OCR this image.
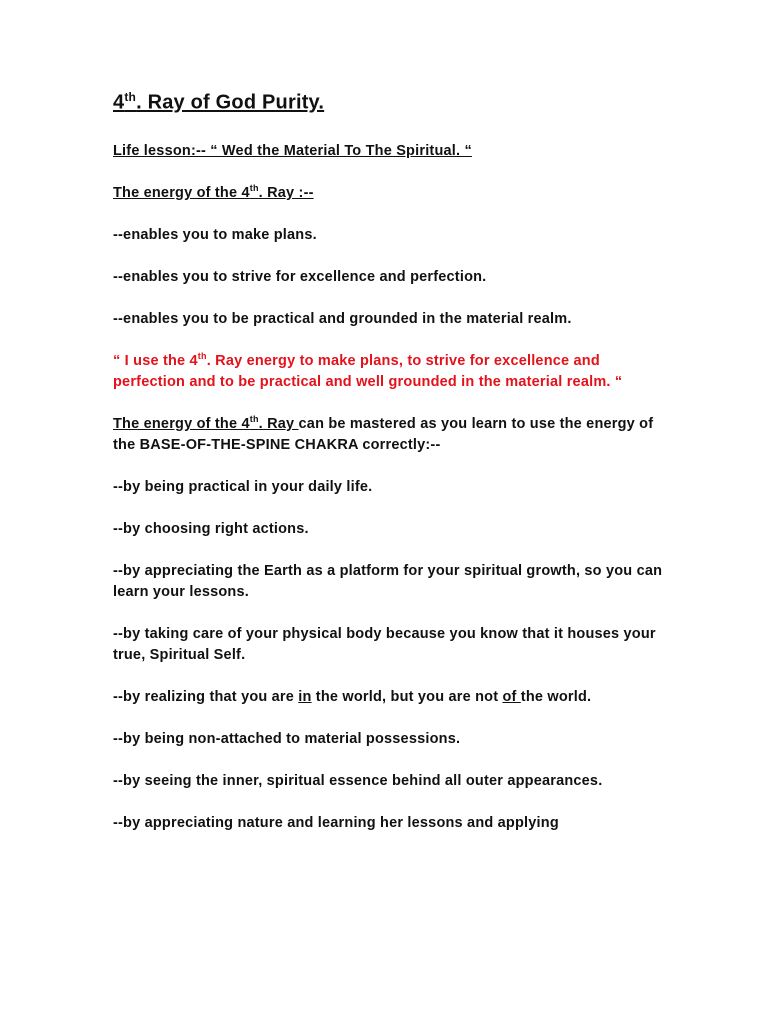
4th. Ray of God Purity.
Life lesson:-- “ Wed the Material To The Spiritual. “
The energy of the 4th. Ray :--
--enables you to make plans.
--enables you to strive for excellence and perfection.
--enables you to be practical and grounded in the material realm.
“ I use the 4th. Ray energy to make plans, to strive for excellence and perfection and to be practical and well grounded in the material realm. “
The energy of the 4th. Ray can be mastered as you learn to use the energy of the BASE-OF-THE-SPINE CHAKRA correctly:--
--by being practical in your daily life.
--by choosing right actions.
--by appreciating the Earth as a platform for your spiritual growth, so you can learn your lessons.
--by taking care of your physical body because you know that it houses your true, Spiritual Self.
--by realizing that you are in the world, but you are not of the world.
--by being non-attached to material possessions.
--by seeing the inner, spiritual essence behind all outer appearances.
--by appreciating nature and learning her lessons and applying
